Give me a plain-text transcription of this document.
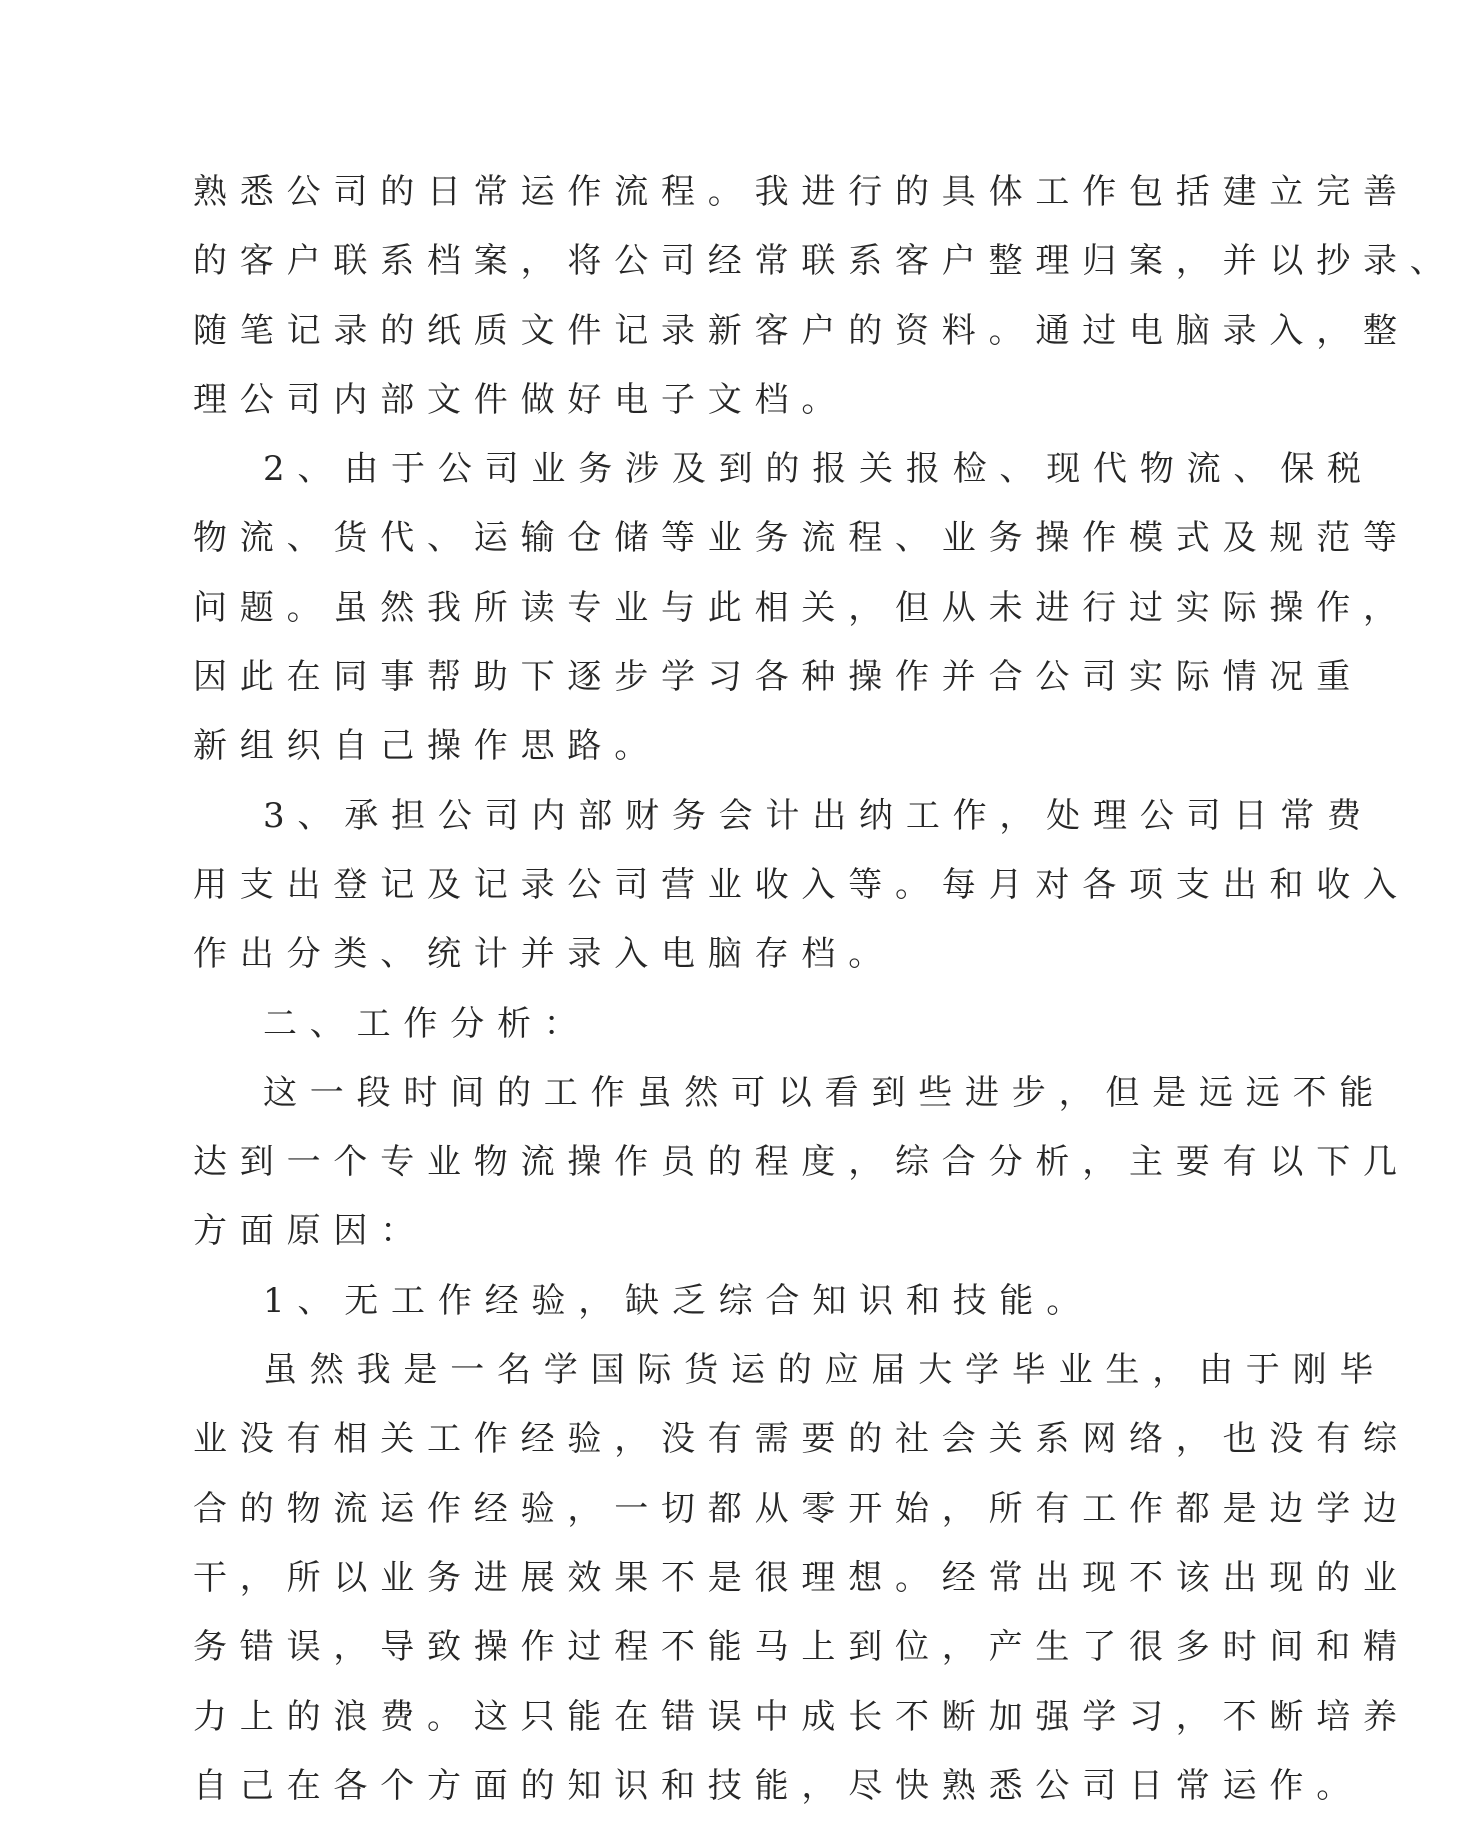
熟悉公司的日常运作流程。我进行的具体工作包括建立完善
的客户联系档案，将公司经常联系客户整理归案，并以抄录、
随笔记录的纸质文件记录新客户的资料。通过电脑录入，整
理公司内部文件做好电子文档。
2、由于公司业务涉及到的报关报检、现代物流、保税
物流、货代、运输仓储等业务流程、业务操作模式及规范等
问题。虽然我所读专业与此相关，但从未进行过实际操作，
因此在同事帮助下逐步学习各种操作并合公司实际情况重
新组织自己操作思路。
3、承担公司内部财务会计出纳工作，处理公司日常费
用支出登记及记录公司营业收入等。每月对各项支出和收入
作出分类、统计并录入电脑存档。
二、工作分析：
这一段时间的工作虽然可以看到些进步，但是远远不能
达到一个专业物流操作员的程度，综合分析，主要有以下几
方面原因：
1、无工作经验，缺乏综合知识和技能。
虽然我是一名学国际货运的应届大学毕业生，由于刚毕
业没有相关工作经验，没有需要的社会关系网络，也没有综
合的物流运作经验，一切都从零开始，所有工作都是边学边
干，所以业务进展效果不是很理想。经常出现不该出现的业
务错误，导致操作过程不能马上到位，产生了很多时间和精
力上的浪费。这只能在错误中成长不断加强学习，不断培养
自己在各个方面的知识和技能，尽快熟悉公司日常运作。
